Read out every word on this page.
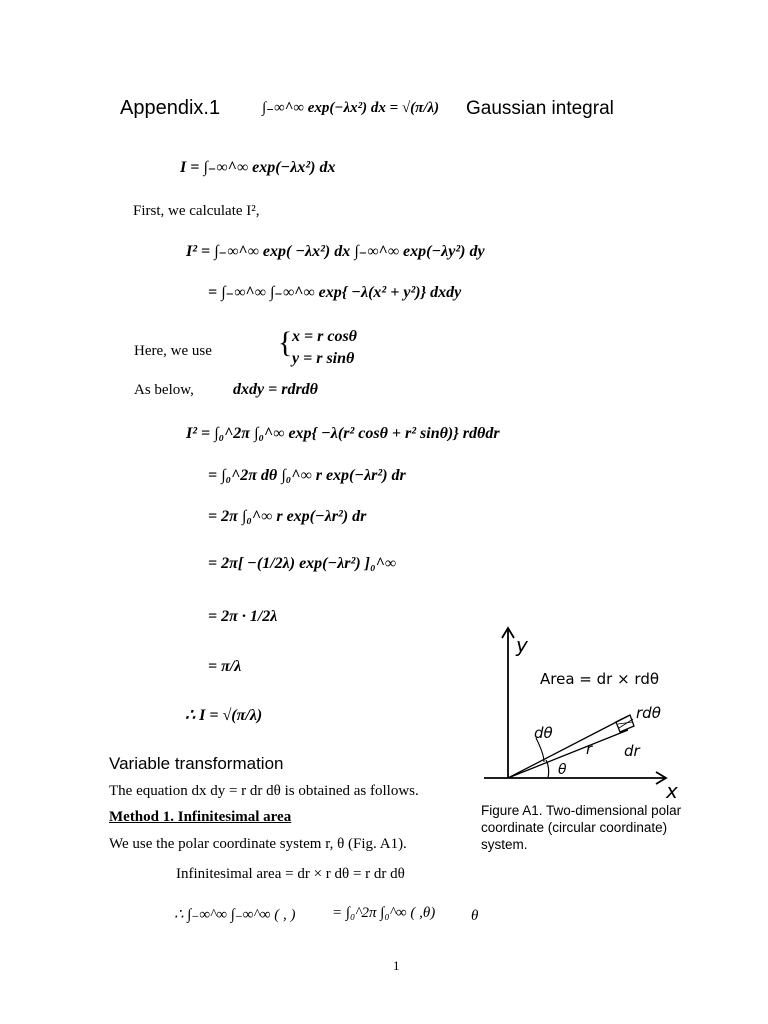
Appendix.1	∫₋∞^∞ exp(−λx²) dx = √(π/λ) Gaussian integral
I = ∫₋∞^∞ exp(−λx²) dx
First, we calculate I²,
I² = ∫₋∞^∞ exp( −λx²) dx ∫₋∞^∞ exp(−λy²) dy
= ∫₋∞^∞ ∫₋∞^∞ exp{ −λ(x² + y²)} dxdy
Here, we use { x = r cosθ
y = r sinθ
As below, dxdy = rdrdθ
I² = ∫₀^2π ∫₀^∞ exp{ −λ(r² cosθ + r² sinθ)} rdθdr
= ∫₀^2π dθ ∫₀^∞ r exp(−λr²) dr
= 2π ∫₀^∞ r exp(−λr²) dr
= 2π[ −(1/2λ) exp(−λr²) ]₀^∞
= 2π · 1/2λ
= π/λ
∴ I = √(π/λ)
Variable transformation
The equation dx dy = r dr dθ is obtained as follows.
Method 1. Infinitesimal area
We use the polar coordinate system r, θ (Fig. A1).
Infinitesimal area = dr × r dθ = r dr dθ
∴ ∫₋∞^∞ ∫₋∞^∞ ( , ) = ∫₀^2π ∫₀^∞ ( ,θ) θ
y
x
Area = dr × rdθ
dθ
r
θ
dr
rdθ
Figure A1. Two-dimensional polar coordinate (circular coordinate) system.
1
